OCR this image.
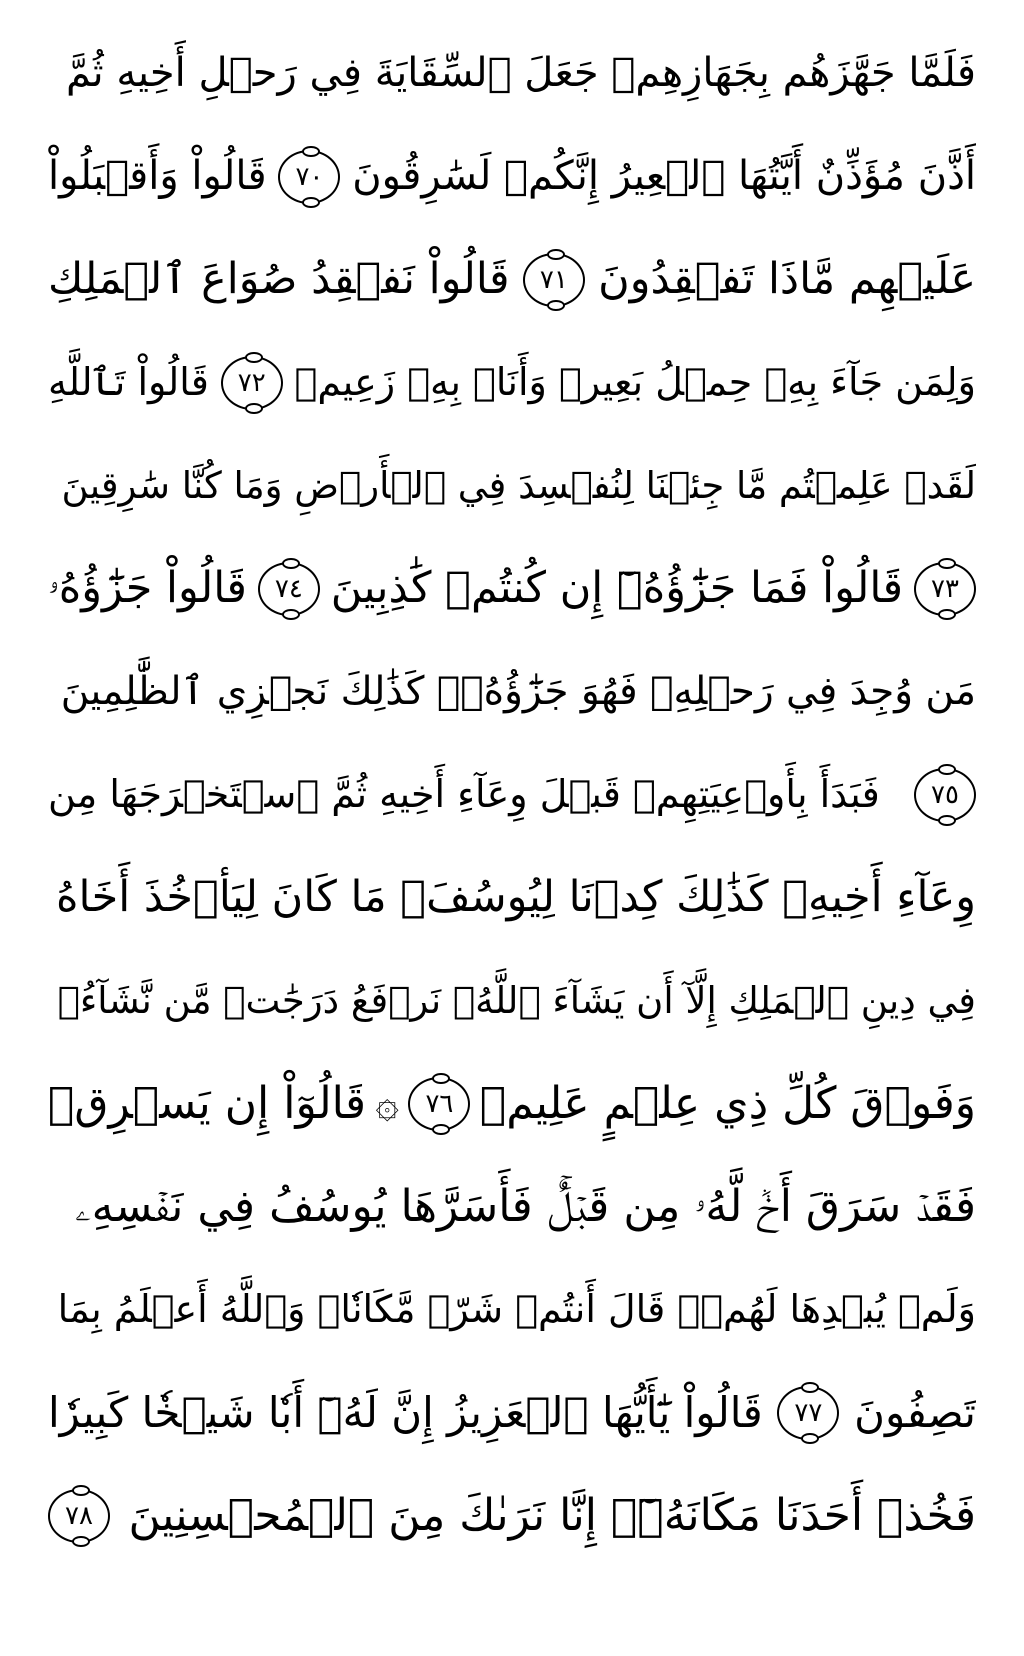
فَلَمَّا جَهَّزَهُم بِجَهَازِهِمۡ جَعَلَ ٱلسِّقَايَةَ فِي رَحۡلِ أَخِيهِ ثُمَّ
أَذَّنَ مُؤَذِّنٌ أَيَّتُهَا ٱلۡعِيرُ إِنَّكُمۡ لَسَٰرِقُونَ
٧٠
قَالُواْ وَأَقۡبَلُواْ
عَلَيۡهِم مَّاذَا تَفۡقِدُونَ
٧١
قَالُواْ نَفۡقِدُ صُوَاعَ ٱلۡمَلِكِ
وَلِمَن جَآءَ بِهِۦ حِمۡلُ بَعِيرٖ وَأَنَا۠ بِهِۦ زَعِيمٞ
٧٢
قَالُواْ تَٱللَّهِ
لَقَدۡ عَلِمۡتُم مَّا جِئۡنَا لِنُفۡسِدَ فِي ٱلۡأَرۡضِ وَمَا كُنَّا سَٰرِقِينَ
٧٣
قَالُواْ فَمَا جَزَٰٓؤُهُۥٓ إِن كُنتُمۡ كَٰذِبِينَ
٧٤
قَالُواْ جَزَٰٓؤُهُۥ
مَن وُجِدَ فِي رَحۡلِهِۦ فَهُوَ جَزَٰٓؤُهُۥۚ كَذَٰلِكَ نَجۡزِي ٱلظَّٰلِمِينَ
٧٥
فَبَدَأَ بِأَوۡعِيَتِهِمۡ قَبۡلَ وِعَآءِ أَخِيهِ ثُمَّ ٱسۡتَخۡرَجَهَا مِن
وِعَآءِ أَخِيهِۚ كَذَٰلِكَ كِدۡنَا لِيُوسُفَۖ مَا كَانَ لِيَأۡخُذَ أَخَاهُ
فِي دِينِ ٱلۡمَلِكِ إِلَّآ أَن يَشَآءَ ٱللَّهُۚ نَرۡفَعُ دَرَجَٰتٖ مَّن نَّشَآءُۗ
وَفَوۡقَ كُلِّ ذِي عِلۡمٍ عَلِيمٞ
٧٦
۞
قَالُوٓاْ إِن يَسۡرِقۡ
فَقَدۡ سَرَقَ أَخٞ لَّهُۥ مِن قَبۡلُۚ فَأَسَرَّهَا يُوسُفُ فِي نَفۡسِهِۦ
وَلَمۡ يُبۡدِهَا لَهُمۡۚ قَالَ أَنتُمۡ شَرّٞ مَّكَانٗاۖ وَٱللَّهُ أَعۡلَمُ بِمَا
تَصِفُونَ
٧٧
قَالُواْ يَٰٓأَيُّهَا ٱلۡعَزِيزُ إِنَّ لَهُۥٓ أَبٗا شَيۡخٗا كَبِيرٗا
فَخُذۡ أَحَدَنَا مَكَانَهُۥٓۖ إِنَّا نَرَىٰكَ مِنَ ٱلۡمُحۡسِنِينَ
٧٨
